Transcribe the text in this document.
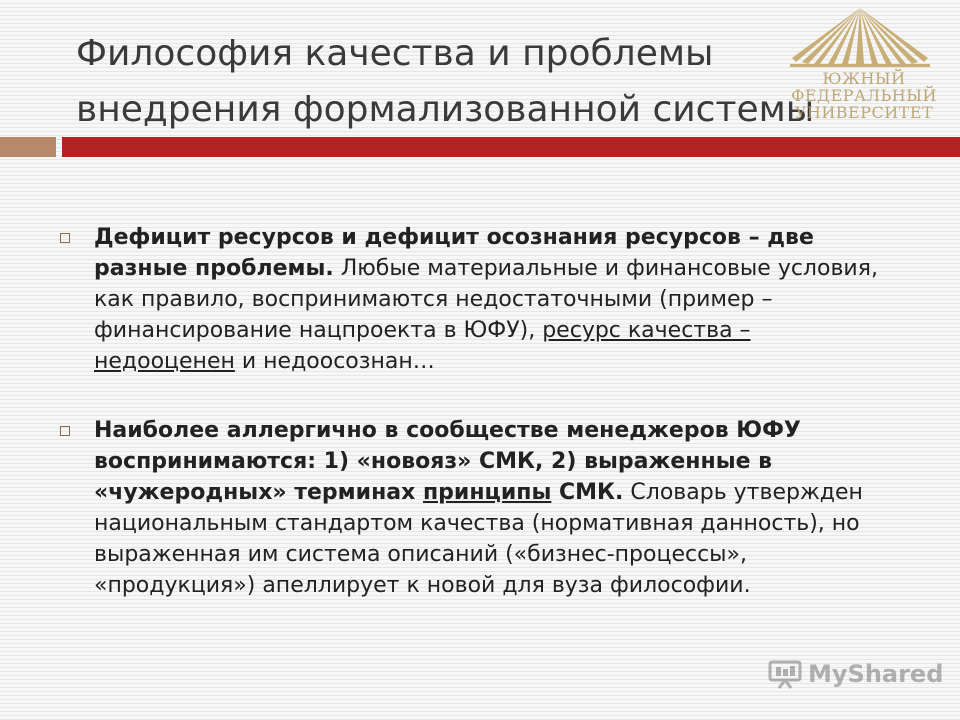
Философия качества и проблемы внедрения формализованной системы
ЮЖНЫЙ
ФЕДЕРАЛЬНЫЙ
УНИВЕРСИТЕТ
Дефицит ресурсов и дефицит осознания ресурсов – две разные проблемы. Любые материальные и финансовые условия, как правило, воспринимаются недостаточными (пример – финансирование нацпроекта в ЮФУ), ресурс качества – недооценен и недоосознан…
Наиболее аллергично в сообществе менеджеров ЮФУ воспринимаются: 1) «новояз» СМК, 2) выраженные в «чужеродных» терминах принципы СМК. Словарь утвержден национальным стандартом качества (нормативная данность), но выраженная им система описаний («бизнес-процессы», «продукция») апеллирует к новой для вуза философии.
MyShared
